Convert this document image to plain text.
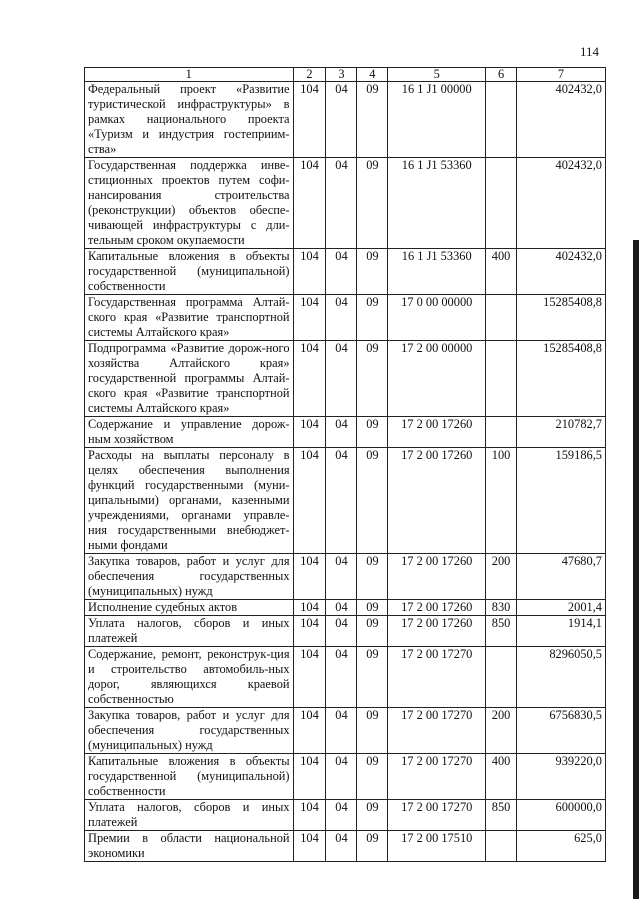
114
1	2	3	4	5	6	7
Федеральный проект «Развитие туристической инфраструктуры» в рамках национального проекта «Туризм и индустрия гостеприим-ства»	104	04	09	16 1 J1 00000		402432,0
Государственная поддержка инве-стиционных проектов путем софи-нансирования строительства (реконструкции) объектов обеспе-чивающей инфраструктуры с дли-тельным сроком окупаемости	104	04	09	16 1 J1 53360		402432,0
Капитальные вложения в объекты государственной (муниципальной) собственности	104	04	09	16 1 J1 53360	400	402432,0
Государственная программа Алтай-ского края «Развитие транспортной системы Алтайского края»	104	04	09	17 0 00 00000		15285408,8
Подпрограмма «Развитие дорож-ного хозяйства Алтайского края» государственной программы Алтай-ского края «Развитие транспортной системы Алтайского края»	104	04	09	17 2 00 00000		15285408,8
Содержание и управление дорож-ным хозяйством	104	04	09	17 2 00 17260		210782,7
Расходы на выплаты персоналу в целях обеспечения выполнения функций государственными (муни-ципальными) органами, казенными учреждениями, органами управле-ния государственными внебюджет-ными фондами	104	04	09	17 2 00 17260	100	159186,5
Закупка товаров, работ и услуг для обеспечения государственных (муниципальных) нужд	104	04	09	17 2 00 17260	200	47680,7
Исполнение судебных актов	104	04	09	17 2 00 17260	830	2001,4
Уплата налогов, сборов и иных платежей	104	04	09	17 2 00 17260	850	1914,1
Содержание, ремонт, реконструк-ция и строительство автомобиль-ных дорог, являющихся краевой собственностью	104	04	09	17 2 00 17270		8296050,5
Закупка товаров, работ и услуг для обеспечения государственных (муниципальных) нужд	104	04	09	17 2 00 17270	200	6756830,5
Капитальные вложения в объекты государственной (муниципальной) собственности	104	04	09	17 2 00 17270	400	939220,0
Уплата налогов, сборов и иных платежей	104	04	09	17 2 00 17270	850	600000,0
Премии в области национальной экономики	104	04	09	17 2 00 17510		625,0
